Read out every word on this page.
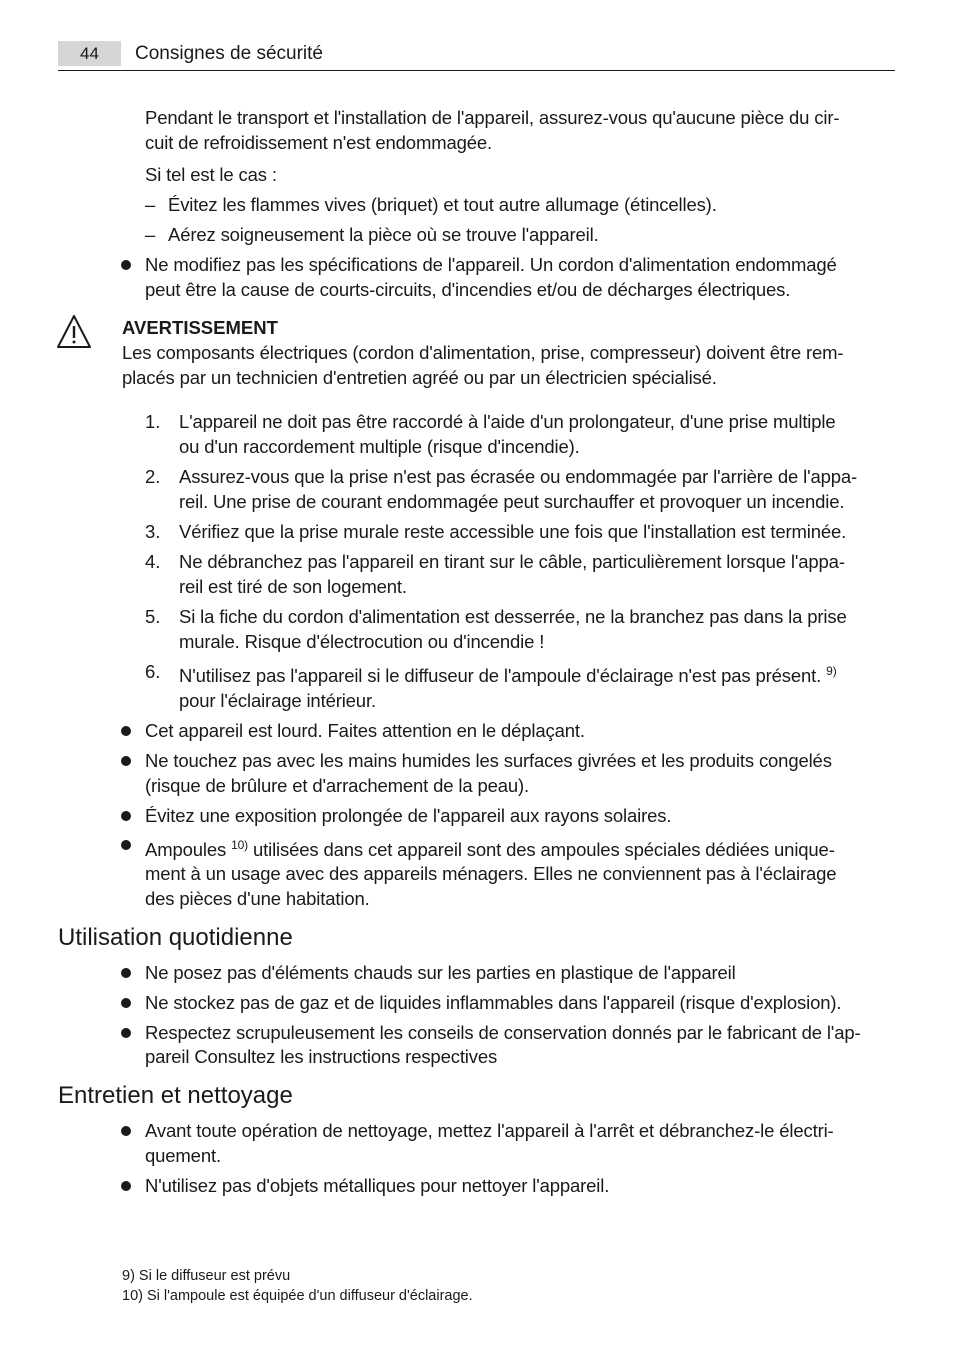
44	Consignes de sécurité
Pendant le transport et l'installation de l'appareil, assurez-vous qu'aucune pièce du cir-
cuit de refroidissement n'est endommagée.
Si tel est le cas :
– Évitez les flammes vives (briquet) et tout autre allumage (étincelles).
– Aérez soigneusement la pièce où se trouve l'appareil.
Ne modifiez pas les spécifications de l'appareil. Un cordon d'alimentation endommagé
peut être la cause de courts-circuits, d'incendies et/ou de décharges électriques.
AVERTISSEMENT
Les composants électriques (cordon d'alimentation, prise, compresseur) doivent être rem-
placés par un technicien d'entretien agréé ou par un électricien spécialisé.
1. L'appareil ne doit pas être raccordé à l'aide d'un prolongateur, d'une prise multiple
ou d'un raccordement multiple (risque d'incendie).
2. Assurez-vous que la prise n'est pas écrasée ou endommagée par l'arrière de l'appa-
reil. Une prise de courant endommagée peut surchauffer et provoquer un incendie.
3. Vérifiez que la prise murale reste accessible une fois que l'installation est terminée.
4. Ne débranchez pas l'appareil en tirant sur le câble, particulièrement lorsque l'appa-
reil est tiré de son logement.
5. Si la fiche du cordon d'alimentation est desserrée, ne la branchez pas dans la prise
murale. Risque d'électrocution ou d'incendie !
6. N'utilisez pas l'appareil si le diffuseur de l'ampoule d'éclairage n'est pas présent. $^{9)}$
pour l'éclairage intérieur.
Cet appareil est lourd. Faites attention en le déplaçant.
Ne touchez pas avec les mains humides les surfaces givrées et les produits congelés
(risque de brûlure et d'arrachement de la peau).
Évitez une exposition prolongée de l'appareil aux rayons solaires.
Ampoules $^{10)}$ utilisées dans cet appareil sont des ampoules spéciales dédiées unique-
ment à un usage avec des appareils ménagers. Elles ne conviennent pas à l'éclairage
des pièces d'une habitation.
Utilisation quotidienne
Ne posez pas d'éléments chauds sur les parties en plastique de l'appareil
Ne stockez pas de gaz et de liquides inflammables dans l'appareil (risque d'explosion).
Respectez scrupuleusement les conseils de conservation donnés par le fabricant de l'ap-
pareil Consultez les instructions respectives
Entretien et nettoyage
Avant toute opération de nettoyage, mettez l'appareil à l'arrêt et débranchez-le électri-
quement.
N'utilisez pas d'objets métalliques pour nettoyer l'appareil.
9) Si le diffuseur est prévu
10) Si l'ampoule est équipée d'un diffuseur d'éclairage.
